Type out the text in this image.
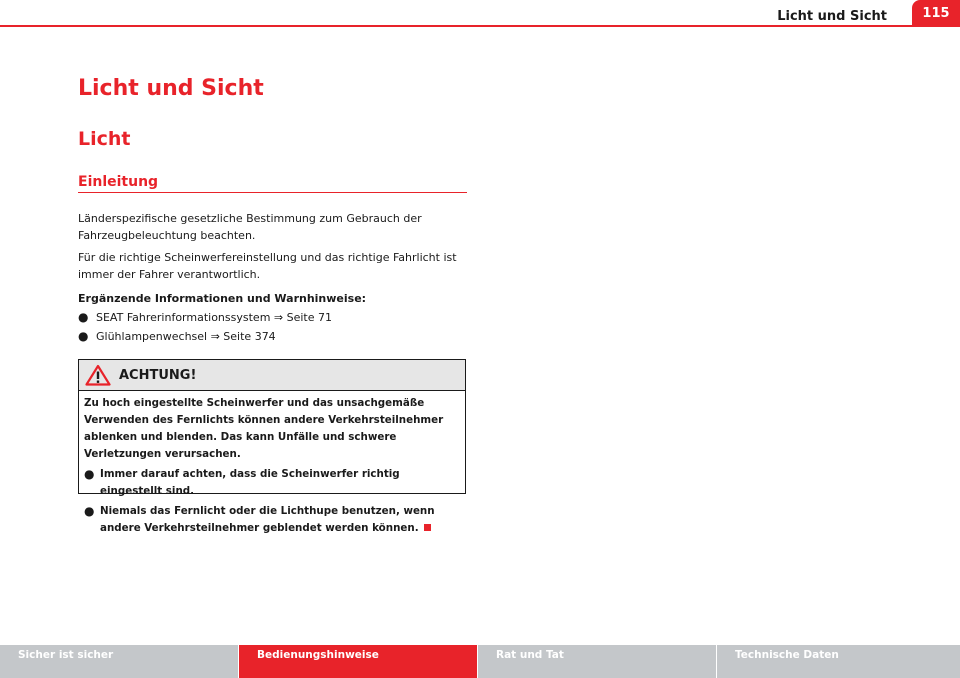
Licht und Sicht	115
Licht und Sicht
Licht
Einleitung

Länderspezifische gesetzliche Bestimmung zum Gebrauch der Fahrzeugbeleuchtung beachten.

Für die richtige Scheinwerfereinstellung und das richtige Fahrlicht ist immer der Fahrer verantwortlich.

Ergänzende Informationen und Warnhinweise:

● SEAT Fahrerinformationssystem ⇒ Seite 71
● Glühlampenwechsel ⇒ Seite 374
ACHTUNG!

Zu hoch eingestellte Scheinwerfer und das unsachgemäße Verwenden des Fernlichts können andere Verkehrsteilnehmer ablenken und blenden. Das kann Unfälle und schwere Verletzungen verursachen.

● Immer darauf achten, dass die Scheinwerfer richtig eingestellt sind.
● Niemals das Fernlicht oder die Lichthupe benutzen, wenn andere Verkehrsteilnehmer geblendet werden können.
Sicher ist sicher	Bedienungshinweise	Rat und Tat	Technische Daten
